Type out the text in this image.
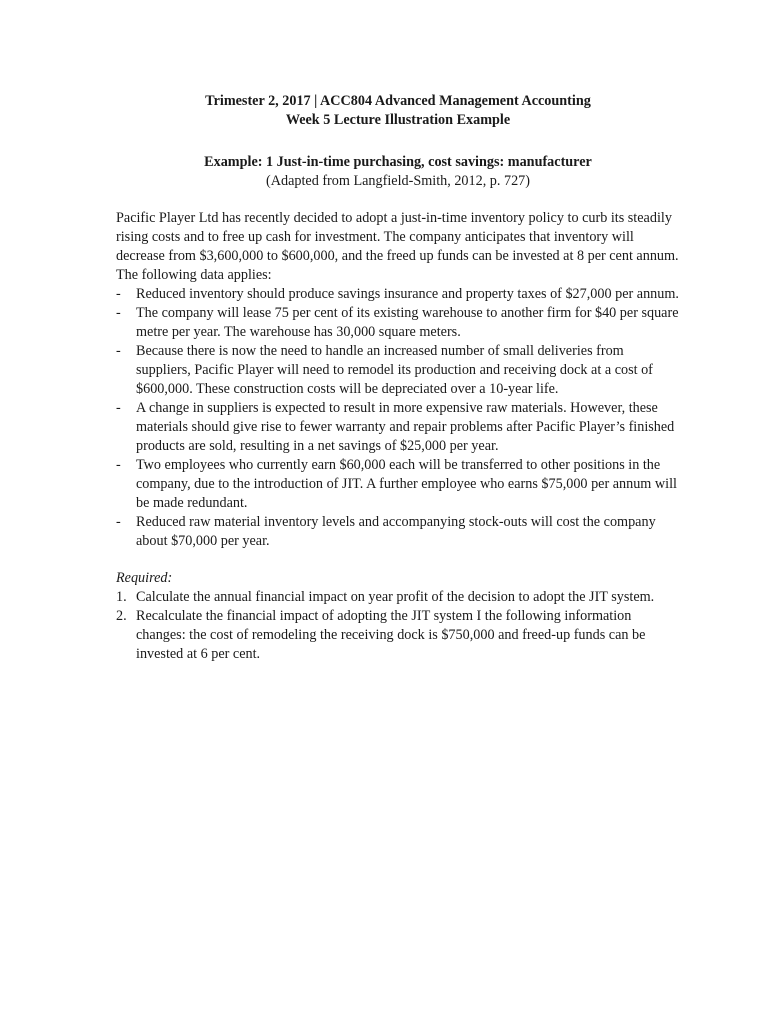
Trimester 2, 2017 | ACC804 Advanced Management Accounting
Week 5 Lecture Illustration Example
Example: 1 Just-in-time purchasing, cost savings: manufacturer
(Adapted from Langfield-Smith, 2012, p. 727)
Pacific Player Ltd has recently decided to adopt a just-in-time inventory policy to curb its steadily rising costs and to free up cash for investment. The company anticipates that inventory will decrease from $3,600,000 to $600,000, and the freed up funds can be invested at 8 per cent annum. The following data applies:
- Reduced inventory should produce savings insurance and property taxes of $27,000 per annum.
- The company will lease 75 per cent of its existing warehouse to another firm for $40 per square metre per year. The warehouse has 30,000 square meters.
- Because there is now the need to handle an increased number of small deliveries from suppliers, Pacific Player will need to remodel its production and receiving dock at a cost of $600,000. These construction costs will be depreciated over a 10-year life.
- A change in suppliers is expected to result in more expensive raw materials. However, these materials should give rise to fewer warranty and repair problems after Pacific Player’s finished products are sold, resulting in a net savings of $25,000 per year.
- Two employees who currently earn $60,000 each will be transferred to other positions in the company, due to the introduction of JIT. A further employee who earns $75,000 per annum will be made redundant.
- Reduced raw material inventory levels and accompanying stock-outs will cost the company about $70,000 per year.
Required:
1. Calculate the annual financial impact on year profit of the decision to adopt the JIT system.
2. Recalculate the financial impact of adopting the JIT system I the following information changes: the cost of remodeling the receiving dock is $750,000 and freed-up funds can be invested at 6 per cent.
